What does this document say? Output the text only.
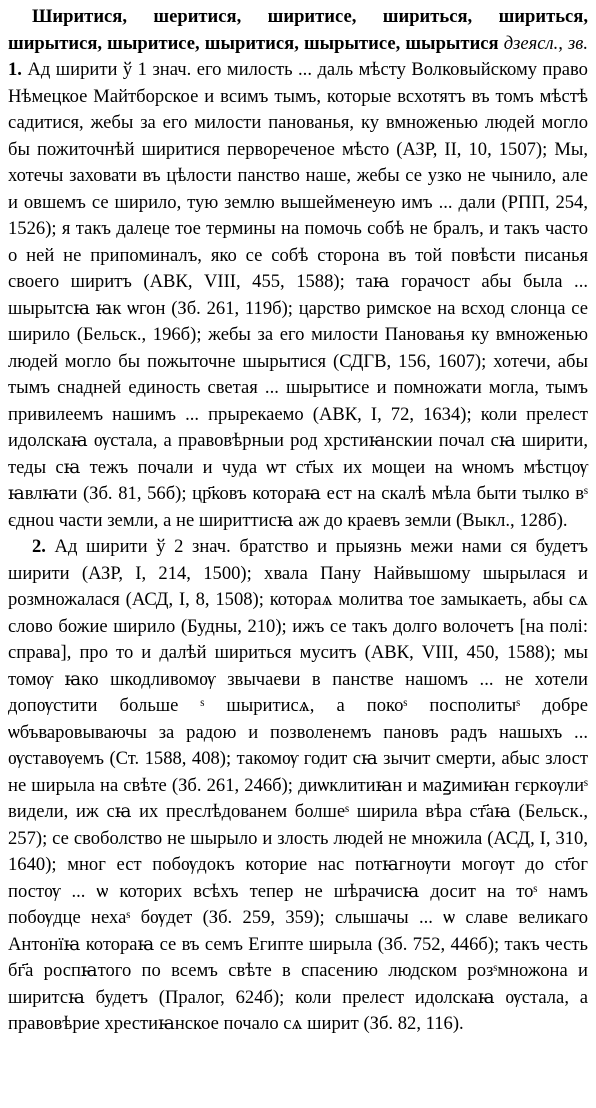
Ширитися, шеритися, ширитисе, шириться, шириться, ширытися, шыритисе, шыритися, шырытисе, шырытися дзеясл., зв. 1. Ад ширити ў 1 знач. его милость ... даль мѣсту Волковыйскому право Нѣмецкое Майтборское и всимъ тымъ, которые всхотятъ въ томъ мѣстѣ садитися, жебы за его милости панованья, ку вмноженью людей могло бы пожиточнѣй ширитися первореченое мѣсто (АЗР, II, 10, 1507); Мы, хотечы заховати въ цѣлости панство наше, жебы се узко не чынило, але и овшемъ се ширило, тую землю вышейменеую имъ ... дали (РПП, 254, 1526); я такъ далеце тое термины на помочь собѣ не бралъ, и такъ часто о ней не припоминалъ, яко се собѣ сторона въ той повѣсти писанья своего ширитъ (АВК, VIII, 455, 1588); таꙗ горачост абы была ... шырытсꙗ ꙗк ѡгон (Зб. 261, 119б); царство римское на всход слонца се ширило (Бельск., 196б); жебы за его милости Пановањя ку вмноженью людей могло бы пожыточне шырытися (СДГВ, 156, 1607); хотечи, абы тымъ снадней единость светая ... шырытисе и помножати могла, тымъ привилеемъ нашимъ ... прырекаемо (АВК, I, 72, 1634); коли прелест идолскаꙗ ѹстала, а правовѣрныи род хрстиꙗнскии почал сꙗ ширити, теды сꙗ тежъ почали и чуда ѡт ст҃ых их мощеи на ѡномъ мѣстцѹ ꙗвлꙗти (Зб. 81, 56б); цр҃ковъ котораꙗ ест на скалѣ мѣла быти тылко вˢ єдноu части земли, а не шириттисꙗ аж до краевъ земли (Выкл., 128б).

2. Ад ширити ў 2 знач. братство и прыязнь межи нами ся будетъ ширити (АЗР, I, 214, 1500); хвала Пану Найвышому шырылася и розмножалася (АСД, I, 8, 1508); котораѧ молитва тое замыкаеть, абы сѧ слово божие ширило (Будны, 210); ижъ се такъ долго волочетъ [на полі: справа], про то и далѣй шириться муситъ (АВК, VIII, 450, 1588); мы томѹ ꙗко шкодливомѹ звычаеви в панстве нашомъ ... не хотели допѹстити больше ˢ шыритисѧ, а покоˢ посполитыˢ добре ѡбъваровываючы за радою и позволенемъ пановъ радъ нашыхъ ... ѹставѹемъ (Ст. 1588, 408); такомѹ годит сꙗ зычит смерти, абыс злост не ширыла на свѣте (Зб. 261, 246б); диѡклитиꙗн и маꙁимиꙗн гєркѹлиˢ видели, иж сꙗ их преслѣдованем болшеˢ ширила вѣра ст҃аꙗ (Бельск., 257); се своболство не шырыло и злость людей не множила (АСД, I, 310, 1640); мног ест побѹдокъ которие нас потꙗгнѹти могѹт до ст҃ог постѹ ... ѡ которих всѣхъ тепер не шѣрачисꙗ досит на тоˢ намъ побѹдце нехаˢ бѹдет (Зб. 259, 359); слышачы ... ѡ славе великаго Антонїꙗ котораꙗ се въ семъ Египте ширыла (Зб. 752, 446б); такъ честь бг҃а роспꙗтого по всемъ свѣте в спасению людском розˢмножона и ширитсꙗ будетъ (Пралог, 624б); коли прелест идолскаꙗ ѹстала, а правовѣрие хрестиꙗнское почало сѧ ширит (Зб. 82, 116).
